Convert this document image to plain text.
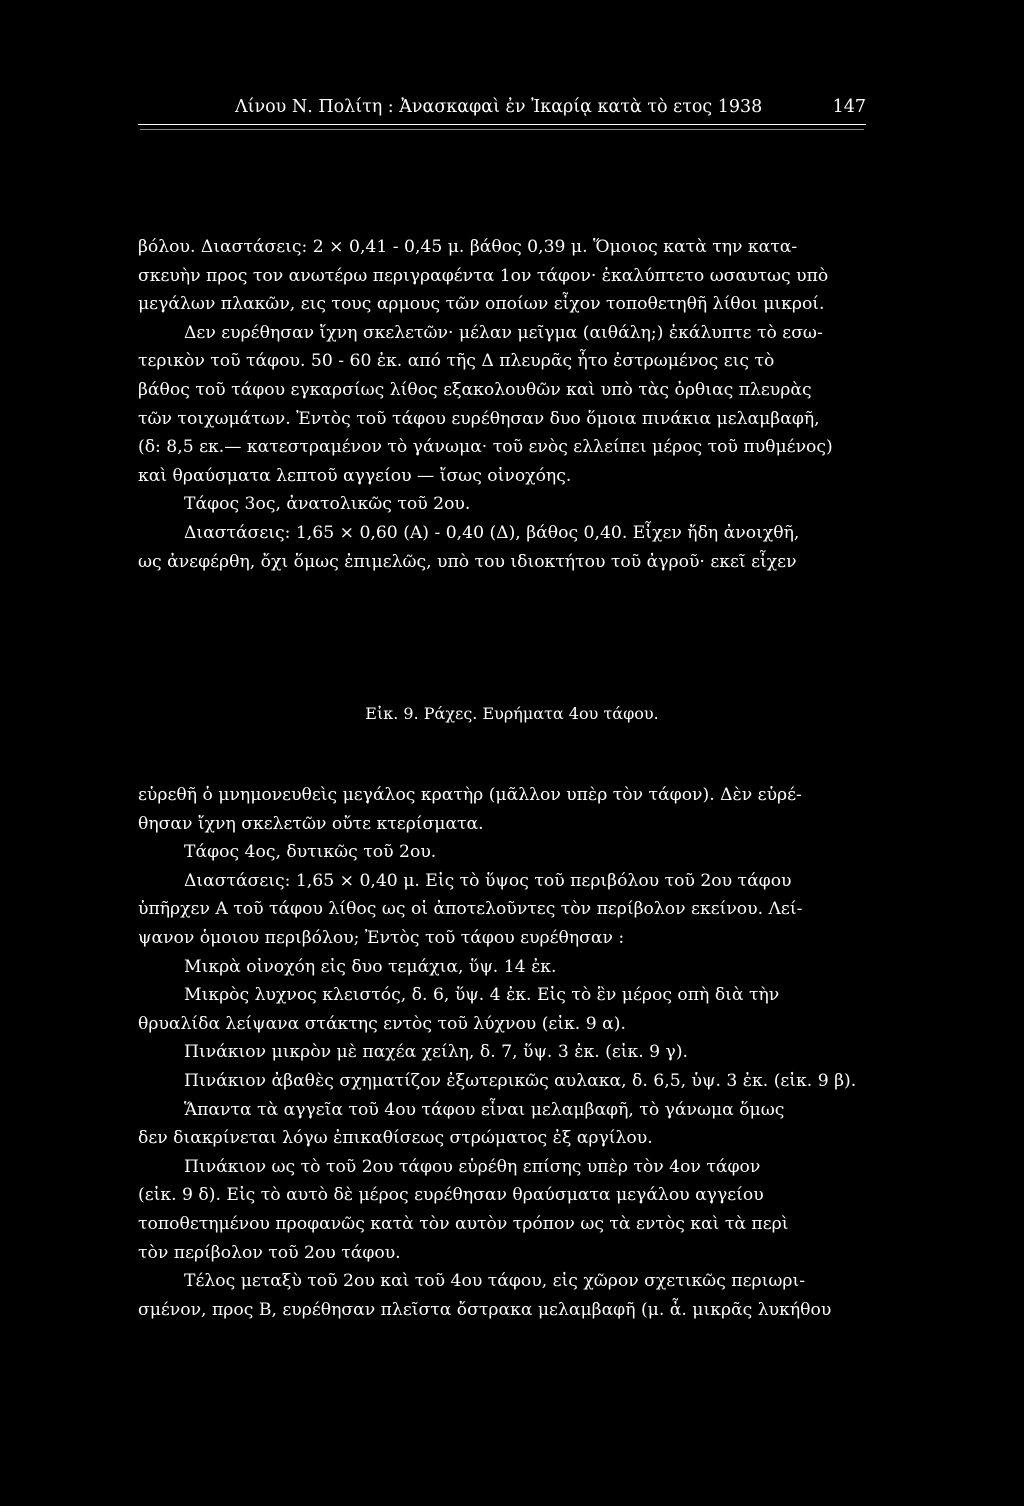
Λίνου Ν. Πολίτη : Ἀνασκαφαὶ ἐν Ἰκαρίᾳ κατὰ τὸ ετος 1938	147

βόλου. Διαστάσεις: 2 × 0,41 - 0,45 μ. βάθος 0,39 μ. Ὅμοιος κατὰ την κατα-

σκευὴν προς τον ανωτέρω περιγραφέντα 1ον τάφον· ἐκαλύπτετο ωσαυτως υπὸ

μεγάλων πλακῶν, εις τους αρμους τῶν οποίων εἶχον τοποθετηθῆ λίθοι μικροί.

Δεν ευρέθησαν ἴχνη σκελετῶν· μέλαν μεῖγμα (αιθάλη;) ἐκάλυπτε τὸ εσω-

τερικὸν τοῦ τάφου. 50 - 60 ἐκ. από τῆς Δ πλευρᾶς ἦτο ἐστρωμένος εις τὸ

βάθος τοῦ τάφου εγκαρσίως λίθος εξακολουθῶν καὶ υπὸ τὰς ὀρθιας πλευρὰς

τῶν τοιχωμάτων. Ἐντὸς τοῦ τάφου ευρέθησαν δυο ὅμοια πινάκια μελαμβαφῆ,

(δ: 8,5 εκ.— κατεστραμένον τὸ γάνωμα· τοῦ ενὸς ελλείπει μέρος τοῦ πυθμένος)

καὶ θραύσματα λεπτοῦ αγγείου — ἴσως οἰνοχόης.

Τάφος 3ος, ἀνατολικῶς τοῦ 2ου.

Διαστάσεις: 1,65 × 0,60 (Α) - 0,40 (Δ), βάθος 0,40. Εἶχεν ἤδη ἀνοιχθῆ,

ως ἀνεφέρθη, ὄχι ὅμως ἐπιμελῶς, υπὸ του ιδιοκτήτου τοῦ ἀγροῦ· εκεῖ εἶχεν

Εἰκ. 9. Ράχες. Ευρήματα 4ου τάφου.

εὑρεθῆ ὁ μνημονευθεὶς μεγάλος κρατὴρ (μᾶλλον υπὲρ τὸν τάφον). Δὲν εὑρέ-

θησαν ἴχνη σκελετῶν οὔτε κτερίσματα.

Τάφος 4ος, δυτικῶς τοῦ 2ου.

Διαστάσεις: 1,65 × 0,40 μ. Εἰς τὸ ὕψος τοῦ περιβόλου τοῦ 2ου τάφου

ὑπῆρχεν Α τοῦ τάφου λίθος ως οἱ ἀποτελοῦντες τὸν περίβολον εκείνου. Λεί-

ψανον ὁμοιου περιβόλου; Ἐντὸς τοῦ τάφου ευρέθησαν :

Μικρὰ οἰνοχόη εἰς δυο τεμάχια, ὕψ. 14 ἐκ.

Μικρὸς λυχνος κλειστός, δ. 6, ὕψ. 4 ἐκ. Εἰς τὸ ἓν μέρος οπὴ διὰ τὴν

θρυαλίδα λείψανα στάκτης εντὸς τοῦ λύχνου (εἰκ. 9 α).

Πινάκιον μικρὸν μὲ παχέα χείλη, δ. 7, ὕψ. 3 ἐκ. (εἰκ. 9 γ).

Πινάκιον ἀβαθὲς σχηματίζον ἐξωτερικῶς αυλακα, δ. 6,5, ὑψ. 3 ἐκ. (εἰκ. 9 β).

Ἅπαντα τὰ αγγεῖα τοῦ 4ου τάφου εἶναι μελαμβαφῆ, τὸ γάνωμα ὅμως

δεν διακρίνεται λόγω ἐπικαθίσεως στρώματος ἐξ αργίλου.

Πινάκιον ως τὸ τοῦ 2ου τάφου εὑρέθη επίσης υπὲρ τὸν 4ον τάφον

(εἰκ. 9 δ). Εἰς τὸ αυτὸ δὲ μέρος ευρέθησαν θραύσματα μεγάλου αγγείου

τοποθετημένου προφανῶς κατὰ τὸν αυτὸν τρόπον ως τὰ εντὸς καὶ τὰ περὶ

τὸν περίβολον τοῦ 2ου τάφου.

Τέλος μεταξὺ τοῦ 2ου καὶ τοῦ 4ου τάφου, εἰς χῶρον σχετικῶς περιωρι-

σμένον, προς Β, ευρέθησαν πλεῖστα ὄστρακα μελαμβαφῆ (μ. ἆ. μικρᾶς λυκήθου
